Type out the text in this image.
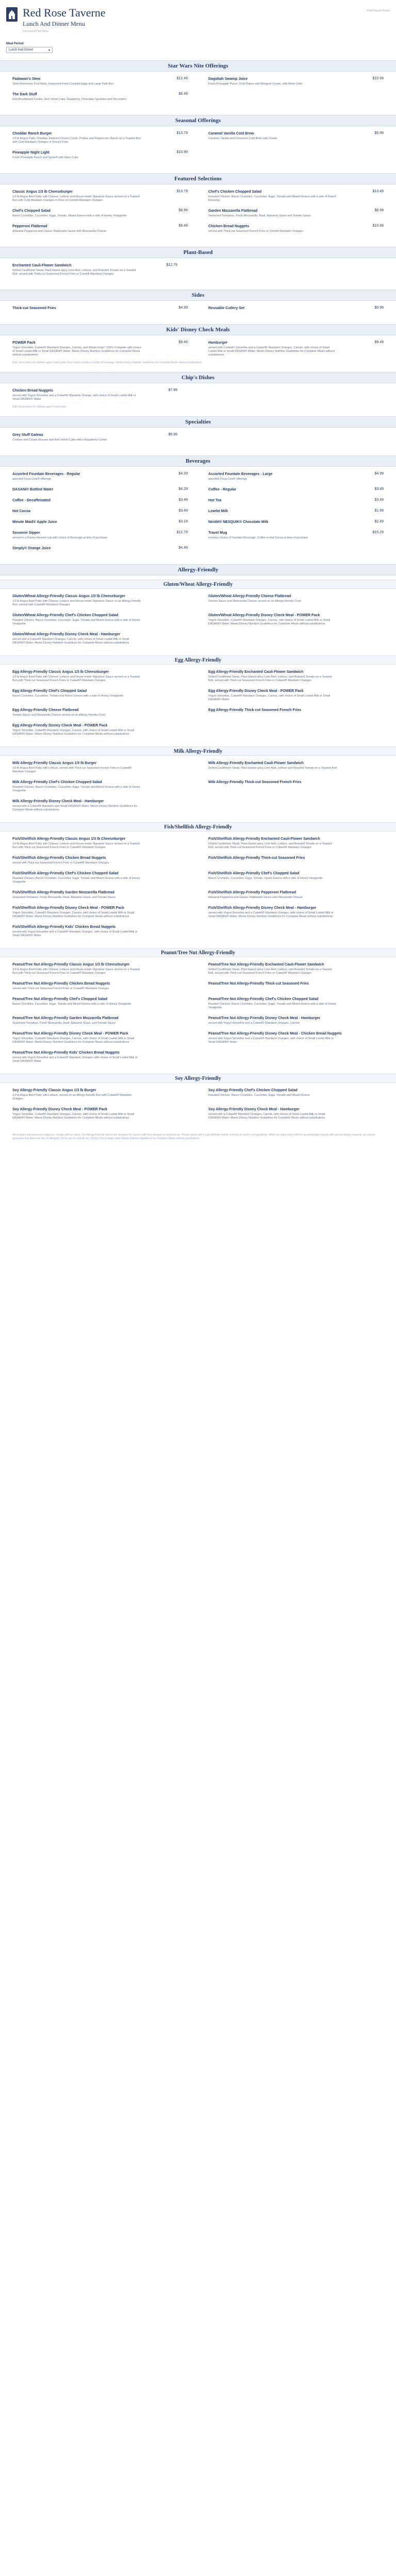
Red Rose Taverne
Lunch And Dinner Menu
Disneyland Park Menu
Food Sequel Pricing
Meal Period
Lunch And Dinner	▾
Star Wars Nite Offerings
Padawan's Stew	$12.49
Slow-Simmered, Fruit Bolts, Seasoned Fried Crackled Eggs and Large Path Bun
Dagobah Swamp Juice	$10.99
Fresh Pineapple Puree, Gold Flakes and Whipped Cream, with Rime Cider
The Dark Stuff	$6.49
Red Brushboard Cookie, Red Velvet Cake, Raspberry, Chocolate Sprinkles and Decoration
Seasonal Offerings
Cheddar Ranch Burger	$13.79
1/3 lb Angus Patty, Cheddar, Battered Onions Curds, Pickles and Peppercorn Ranch on a Toasted Bun with Cold Mandarin Oranges or French Fries
Caramel Vanilla Cold Brew	$5.99
Caramel, Vanilla and Cinnamon Cold Brew with Cream
Pineapple Night Light	$10.99
Fresh Pineapple Punch and Sprite® with Glow Cube
Featured Selections
Classic Angus 1/3 lb Cheeseburger	$13.79
1/3 lb Angus Beef Patty with Cheese, Lettuce and House-made Signature Sauce served on a Toasted Bun with Cold Mandarin Oranges or Fries or Cornhill Mandarin Oranges
Chef's Chicken Chopped Salad	$13.49
Roasted Chicken, Bacon Crumbles, Cucumber, Eggs, Tomato and Mixed Greens with a side of Ranch Dressing
Chef's Chopped Salad	$8.99
Bacon Crumbles, Cucumber, Eggs, Tomato, Mixed Greens with a side of Honey Vinaigrette
Garden Mozzarella Flatbread	$8.99
Seasoned Tomatoes, Fresh Mozzarella, Basil, Balsamic Glaze and Tomato Sauce
Pepperoni Flatbread	$9.49
Artisanal Pepperoni and Classic Flatbreads Sauce with Mozzarella Cheese
Chicken Bread Nuggets	$10.99
served with Thick-cut Seasoned French Fries or Cornhill Mandarin Oranges
Plant-Based
Enchanted Cauli-Flower Sandwich	$12.79
Grilled Cauliflower Steak, Plant-based spicy Lime Aioli, Lettuce, and Roasted Tomato on a Toasted Roll, served with Thick-cut Seasoned French Fries or Cornhill Mandarin Oranges
Sides
Thick-cut Seasoned Fries	$4.99	Reusable Cutlery Set	$0.99
Kids' Disney Check Meals
POWER Pack	$9.49
Yogurt Smoothie, Cutwell® Mandarin Oranges, Carrots, and Whole-Grain* 100% Complete with choice of Small Lowfat Milk or Small DASANI® Water. Meets Disney Nutrition Guidelines for Complete Meals without substitutions
Hamburger	$9.49
served with Cutwell® Smoothie and a Cutwell® Mandarin Oranges, Carrots, with choice of Small Lowfat Milk or Small DASANI® Water. Meets Disney Nutrition Guidelines for Complete Meals without substitutions
Kids' menu items for children ages 9 and under. Each meal includes a choice of beverage. Meets Disney Nutrition Guidelines for Complete Meals without substitutions.
Chip's Dishes
Chicken Bread Nuggets	$7.99
served with Yogurt Smoothie and a Cutwell® Mandarin Orange, with choice of Small Lowfat Milk or Small DASANI® Water
Kids' menu items for children ages 9 and under.
Specialties
Grey Stuff Gateau	$6.99
Cookies and Cream Mousse and Red Velvet Cake with a Raspberry Center
Beverages
Assorted Fountain Beverages - Regular	$4.29
assorted Coca-Cola® offerings
Assorted Fountain Beverages - Large	$4.99
assorted Coca-Cola® offerings
DASANI® Bottled Water	$4.29	Coffee - Regular	$3.49
Coffee - Decaffeinated	$3.49	Hot Tea	$3.49
Hot Cocoa	$3.49	Lowfat Milk	$1.99
Minute Maid® Apple Juice	$3.19	Nestlé® NESQUIK® Chocolate Milk	$2.49
Souvenir Sipper	$12.79
served in a Disney-themed cup with choice of Beverage at time of purchase
Travel Mug	$15.29
includes choice of Fountain Beverage, Coffee or Hot Cocoa at time of purchase
Simply® Orange Juice	$4.49
Allergy-Friendly
Gluten/Wheat Allergy-Friendly
Gluten/Wheat Allergy-Friendly Classic Angus 1/3 lb Cheeseburger
1/3 lb Angus Beef Patty with Cheese, Lettuce and House-made Signature Sauce on an Allergy-friendly Bun, served with Cutwell® Mandarin Oranges
Gluten/Wheat Allergy-Friendly Cheese Flatbread
Tomato Sauce and Mozzarella Cheese served on an Allergy-friendly Crust
Gluten/Wheat Allergy-Friendly Chef's Chicken Chopped Salad
Roasted Chicken, Bacon Crumbles, Cucumber, Eggs, Tomato and Mixed Greens with a side of Honey Vinaigrette
Gluten/Wheat Allergy-Friendly Disney Check Meal - POWER Pack
Yogurt Smoothie, Cutwell® Mandarin Oranges, Carrots, with choice of Small Lowfat Milk or Small DASANI® Water. Meets Disney Nutrition Guidelines for Complete Meals without substitutions
Gluten/Wheat Allergy-Friendly Disney Check Meal - Hamburger
served with a Cutwell® Mandarin Oranges, Carrots, with choice of Small Lowfat Milk or Small DASANI® Water. Meets Disney Nutrition Guidelines for Complete Meals without substitutions
Egg Allergy-Friendly
Egg Allergy-Friendly Classic Angus 1/3 lb Cheeseburger
1/3 lb Angus Beef Patty with Cheese, Lettuce and House-made Signature Sauce served on a Toasted Bun with Thick-cut Seasoned French Fries or Cutwell® Mandarin Oranges
Egg Allergy-Friendly Enchanted Cauli-Flower Sandwich
Grilled Cauliflower Steak, Plant-based spicy Lime Aioli, Lettuce, and Roasted Tomato on a Toasted Roll, served with Thick-cut Seasoned French Fries or Cutwell® Mandarin Oranges
Egg Allergy-Friendly Chef's Chopped Salad
Bacon Crumbles, Cucumber, Tomato and Mixed Greens with a side of Honey Vinaigrette
Egg Allergy-Friendly Disney Check Meal - POWER Pack
Yogurt Smoothie, Cutwell® Mandarin Oranges, Carrots, with choice of Small Lowfat Milk or Small DASANI® Water
Egg Allergy-Friendly Cheese Flatbread
Tomato Sauce and Mozzarella Cheese served on an Allergy-friendly Crust
Egg Allergy-Friendly Thick-cut Seasoned French Fries
Egg Allergy-Friendly Disney Check Meal - POWER Pack
Yogurt Smoothie, Cutwell® Mandarin Oranges, Carrots, with choice of Small Lowfat Milk or Small DASANI® Water. Meets Disney Nutrition Guidelines for Complete Meals without substitutions
Milk Allergy-Friendly
Milk Allergy-Friendly Classic Angus 1/3 lb Burger
1/3 lb Angus Beef Patty with Lettuce, served with Thick-cut Seasoned French Fries or Cutwell® Mandarin Oranges
Milk Allergy-Friendly Enchanted Cauli-Flower Sandwich
Grilled Cauliflower Steak, Plant-based spicy Lime Aioli, Lettuce and Roasted Tomato on a Toasted Roll
Milk Allergy-Friendly Chef's Chicken Chopped Salad
Roasted Chicken, Bacon Crumbles, Cucumber, Eggs, Tomato and Mixed Greens with a side of Honey Vinaigrette
Milk Allergy-Friendly Thick-cut Seasoned French Fries
Milk Allergy-Friendly Disney Check Meal - Hamburger
served with a Cutwell® Mandarin and Small DASANI® Water. Meets Disney Nutrition Guidelines for Complete Meals without substitutions
Fish/Shellfish Allergy-Friendly
Fish/Shellfish Allergy-Friendly Classic Angus 1/3 lb Cheeseburger
1/3 lb Angus Beef Patty with Cheese, Lettuce and House-made Signature Sauce served on a Toasted Bun with Thick-cut Seasoned French Fries or Cutwell® Mandarin Oranges
Fish/Shellfish Allergy-Friendly Enchanted Cauli-Flower Sandwich
Grilled Cauliflower Steak, Plant-based spicy Lime Aioli, Lettuce, and Roasted Tomato on a Toasted Roll, served with Thick-cut Seasoned French Fries or Cutwell® Mandarin Oranges
Fish/Shellfish Allergy-Friendly Chicken Bread Nuggets
served with Thick-cut Seasoned French Fries or Cutwell® Mandarin Oranges
Fish/Shellfish Allergy-Friendly Thick-cut Seasoned Fries
Fish/Shellfish Allergy-Friendly Chef's Chicken Chopped Salad
Roasted Chicken, Bacon Crumbles, Cucumber, Eggs, Tomato and Mixed Greens with a side of Honey Vinaigrette
Fish/Shellfish Allergy-Friendly Chef's Chopped Salad
Bacon Crumbles, Cucumber, Eggs, Tomato, mixed Greens with a side of Honey Vinaigrette
Fish/Shellfish Allergy-Friendly Garden Mozzarella Flatbread
Seasoned Tomatoes, Fresh Mozzarella, Basil, Balsamic Glaze, and Tomato Sauce
Fish/Shellfish Allergy-Friendly Pepperoni Flatbread
Artisanal Pepperoni and Classic Flatbreads Sauce with Mozzarella Cheese
Fish/Shellfish Allergy-Friendly Disney Check Meal - POWER Pack
Yogurt Smoothie, Cutwell® Mandarin Oranges, Carrots, with choice of Small Lowfat Milk or Small DASANI® Water. Meets Disney Nutrition Guidelines for Complete Meals without substitutions
Fish/Shellfish Allergy-Friendly Disney Check Meal - Hamburger
served with Yogurt Smoothie and a Cutwell® Mandarin Oranges, with choice of Small Lowfat Milk or Small DASANI® Water. Meets Disney Nutrition Guidelines for Complete Meals without substitutions
Fish/Shellfish Allergy-Friendly Kids' Chicken Bread Nuggets
served with Yogurt Smoothie and a Cutwell® Mandarin Oranges, with choice of Small Lowfat Milk or Small DASANI® Water
Peanut/Tree Nut Allergy-Friendly
Peanut/Tree Nut Allergy-Friendly Classic Angus 1/3 lb Cheeseburger
1/3 lb Angus Beef Patty with Cheese, Lettuce and House-made Signature Sauce served on a Toasted Bun with Thick-cut Seasoned French Fries or Cutwell® Mandarin Oranges
Peanut/Tree Nut Allergy-Friendly Enchanted Cauli-Flower Sandwich
Grilled Cauliflower Steak, Plant-based spicy Lime Aioli, Lettuce, and Roasted Tomato on a Toasted Roll, served with Thick-cut Seasoned French Fries or Cutwell® Mandarin Oranges
Peanut/Tree Nut Allergy-Friendly Chicken Bread Nuggets
served with Thick-cut Seasoned French Fries or Cutwell® Mandarin Oranges
Peanut/Tree Nut Allergy-Friendly Thick-cut Seasoned Fries
Peanut/Tree Nut Allergy-Friendly Chef's Chopped Salad
Bacon Crumbles, Cucumber, Eggs, Tomato and Mixed Greens with a side of Honey Vinaigrette
Peanut/Tree Nut Allergy-Friendly Chef's Chicken Chopped Salad
Roasted Chicken, Bacon Crumbles, Cucumber, Eggs, Tomato and Mixed Greens with a side of Honey Vinaigrette
Peanut/Tree Nut Allergy-Friendly Garden Mozzarella Flatbread
Seasoned Tomatoes, Fresh Mozzarella, Basil, Balsamic Glaze, and Tomato Sauce
Peanut/Tree Nut Allergy-Friendly Disney Check Meal - Hamburger
served with Yogurt Smoothie and a Cutwell® Mandarin Oranges, Carrots
Peanut/Tree Nut Allergy-Friendly Disney Check Meal - POWER Pack
Yogurt Smoothie, Cutwell® Mandarin Oranges, Carrots, with choice of Small Lowfat Milk or Small DASANI® Water. Meets Disney Nutrition Guidelines for Complete Meals without substitutions
Peanut/Tree Nut Allergy-Friendly Disney Check Meal - Chicken Bread Nuggets
served with Yogurt Smoothie and a Cutwell® Mandarin Oranges, with choice of Small Lowfat Milk or Small DASANI® Water
Peanut/Tree Nut Allergy-Friendly Kids' Chicken Bread Nuggets
served with Yogurt Smoothie and a Cutwell® Mandarin Oranges, with choice of Small Lowfat Milk or Small DASANI® Water
Soy Allergy-Friendly
Soy Allergy-Friendly Classic Angus 1/3 lb Burger
1/3 lb Angus Beef Patty with Lettuce, served on an Allergy-friendly Bun with Cutwell® Mandarin Oranges
Soy Allergy-Friendly Chef's Chicken Chopped Salad
Roasted Chicken, Bacon Crumbles, Cucumber, Eggs, Tomato and Mixed Greens
Soy Allergy-Friendly Disney Check Meal - POWER Pack
Yogurt Smoothie, Cutwell® Mandarin Oranges, Carrots, with choice of Small Lowfat Milk or Small DASANI® Water. Meets Disney Nutrition Guidelines for Complete Meals without substitutions
Soy Allergy-Friendly Disney Check Meal - Hamburger
served with a Cutwell® Mandarin Oranges, Carrots, with choice of Small Lowfat Milk or Small DASANI® Water. Meets Disney Nutrition Guidelines for Complete Meals without substitutions
Menu items and prices are subject to change without notice. Our Allergy-Friendly menus are designed for Guests with food allergies or intolerances. Please speak with a Cast Member before ordering to confirm all ingredients. While we make every effort to accommodate Guests with special dietary requests, we cannot guarantee that items are free of allergens. Prices do not include tax. Disney Check meals meet Disney Nutrition Guidelines for Complete Meals without substitutions.
